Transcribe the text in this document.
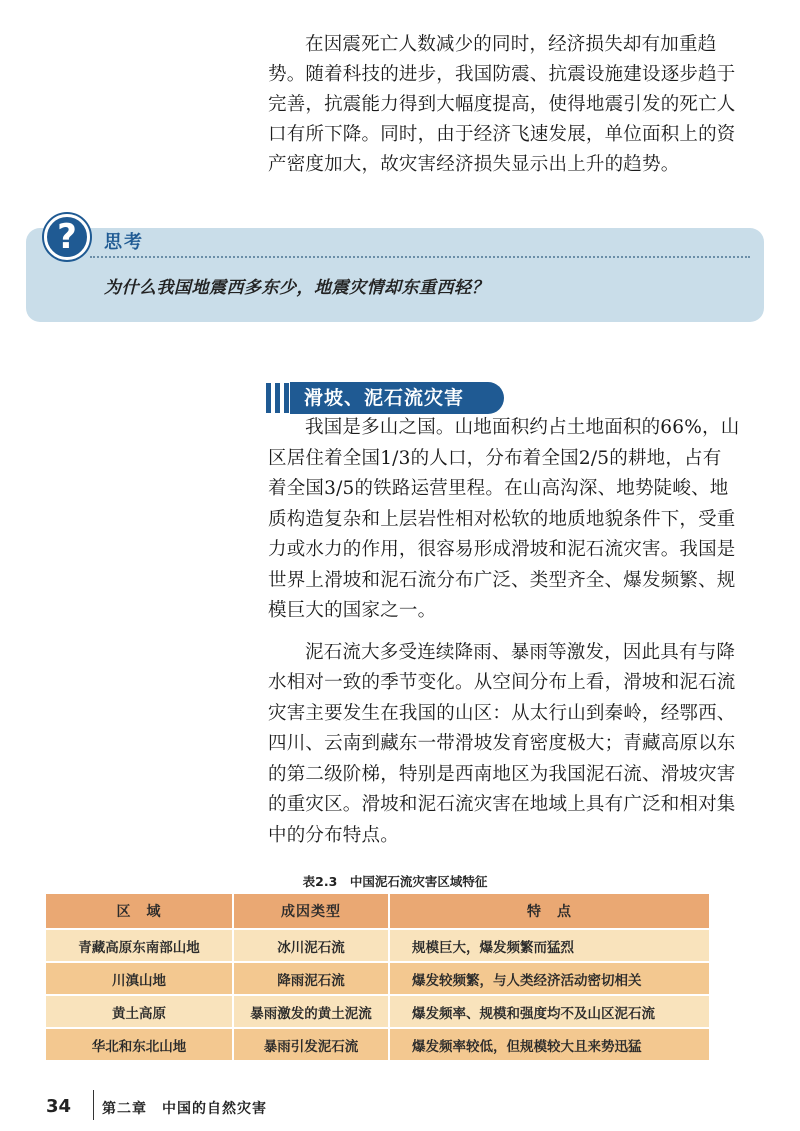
在因震死亡人数减少的同时，经济损失却有加重趋势。随着科技的进步，我国防震、抗震设施建设逐步趋于完善，抗震能力得到大幅度提高，使得地震引发的死亡人口有所下降。同时，由于经济飞速发展，单位面积上的资产密度加大，故灾害经济损失显示出上升的趋势。
?	思考
为什么我国地震西多东少，地震灾情却东重西轻？
滑坡、泥石流灾害

我国是多山之国。山地面积约占土地面积的66%，山区居住着全国1/3的人口，分布着全国2/5的耕地，占有着全国3/5的铁路运营里程。在山高沟深、地势陡峻、地质构造复杂和上层岩性相对松软的地质地貌条件下，受重力或水力的作用，很容易形成滑坡和泥石流灾害。我国是世界上滑坡和泥石流分布广泛、类型齐全、爆发频繁、规模巨大的国家之一。

泥石流大多受连续降雨、暴雨等激发，因此具有与降水相对一致的季节变化。从空间分布上看，滑坡和泥石流灾害主要发生在我国的山区：从太行山到秦岭，经鄂西、四川、云南到藏东一带滑坡发育密度极大；青藏高原以东的第二级阶梯，特别是西南地区为我国泥石流、滑坡灾害的重灾区。滑坡和泥石流灾害在地域上具有广泛和相对集中的分布特点。

表2.3　中国泥石流灾害区域特征
区　域	成因类型	特　点
青藏高原东南部山地	冰川泥石流	规模巨大，爆发频繁而猛烈
川滇山地	降雨泥石流	爆发较频繁，与人类经济活动密切相关
黄土高原	暴雨激发的黄土泥流	爆发频率、规模和强度均不及山区泥石流
华北和东北山地	暴雨引发泥石流	爆发频率较低，但规模较大且来势迅猛
34 第二章　中国的自然灾害
